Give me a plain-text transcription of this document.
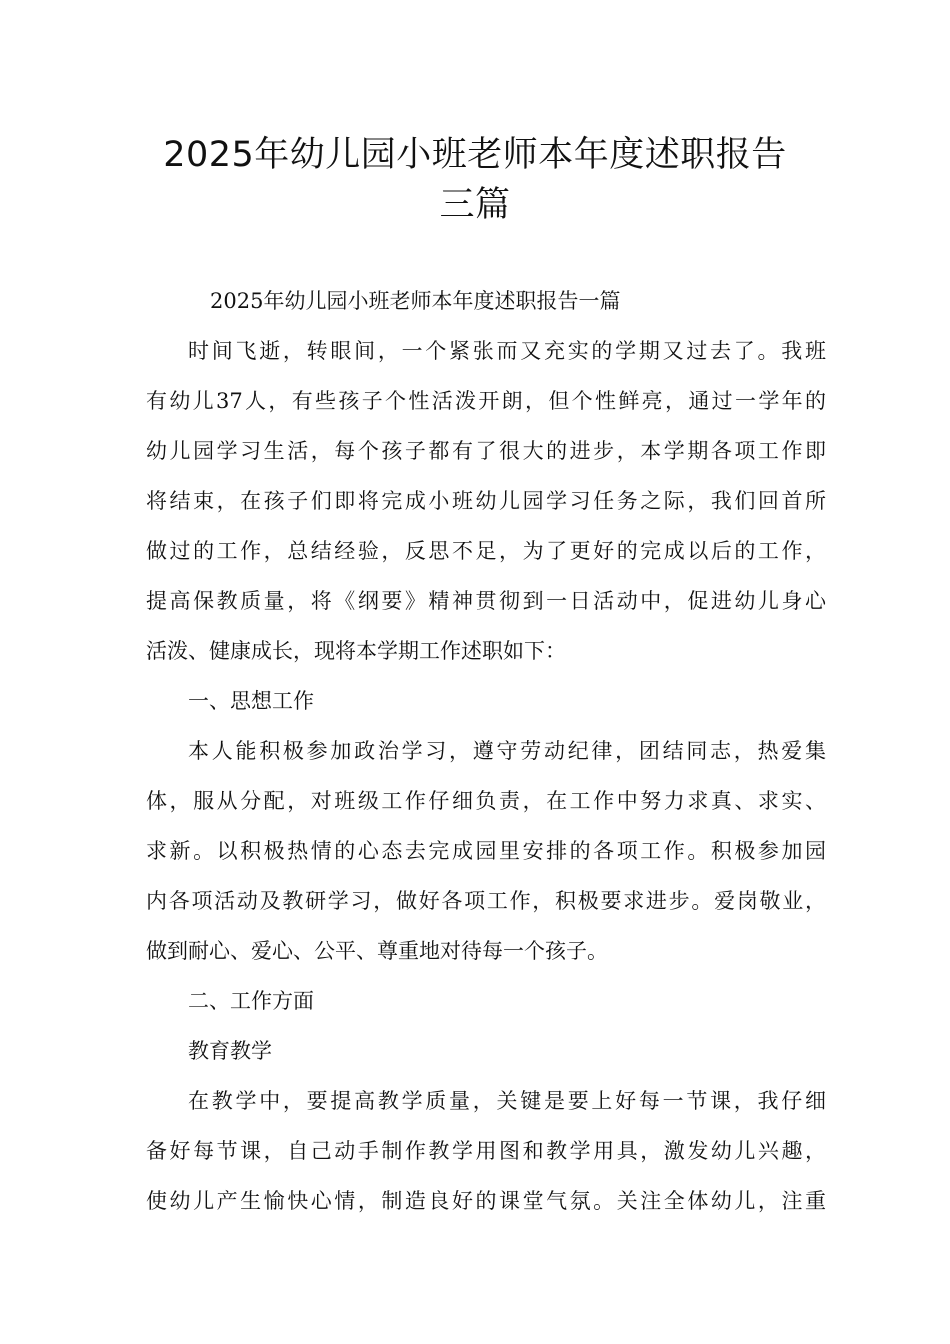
2025年幼儿园小班老师本年度述职报告
三篇

2025年幼儿园小班老师本年度述职报告一篇

时间飞逝，转眼间，一个紧张而又充实的学期又过去了。我班

有幼儿37人，有些孩子个性活泼开朗，但个性鲜亮，通过一学年的

幼儿园学习生活，每个孩子都有了很大的进步，本学期各项工作即

将结束，在孩子们即将完成小班幼儿园学习任务之际，我们回首所

做过的工作，总结经验，反思不足，为了更好的完成以后的工作，

提高保教质量，将《纲要》精神贯彻到一日活动中，促进幼儿身心

活泼、健康成长，现将本学期工作述职如下：

一、思想工作

本人能积极参加政治学习，遵守劳动纪律，团结同志，热爱集

体，服从分配，对班级工作仔细负责，在工作中努力求真、求实、

求新。以积极热情的心态去完成园里安排的各项工作。积极参加园

内各项活动及教研学习，做好各项工作，积极要求进步。爱岗敬业，

做到耐心、爱心、公平、尊重地对待每一个孩子。

二、工作方面

教育教学

在教学中，要提高教学质量，关键是要上好每一节课，我仔细

备好每节课，自己动手制作教学用图和教学用具，激发幼儿兴趣，

使幼儿产生愉快心情，制造良好的课堂气氛。关注全体幼儿，注重
